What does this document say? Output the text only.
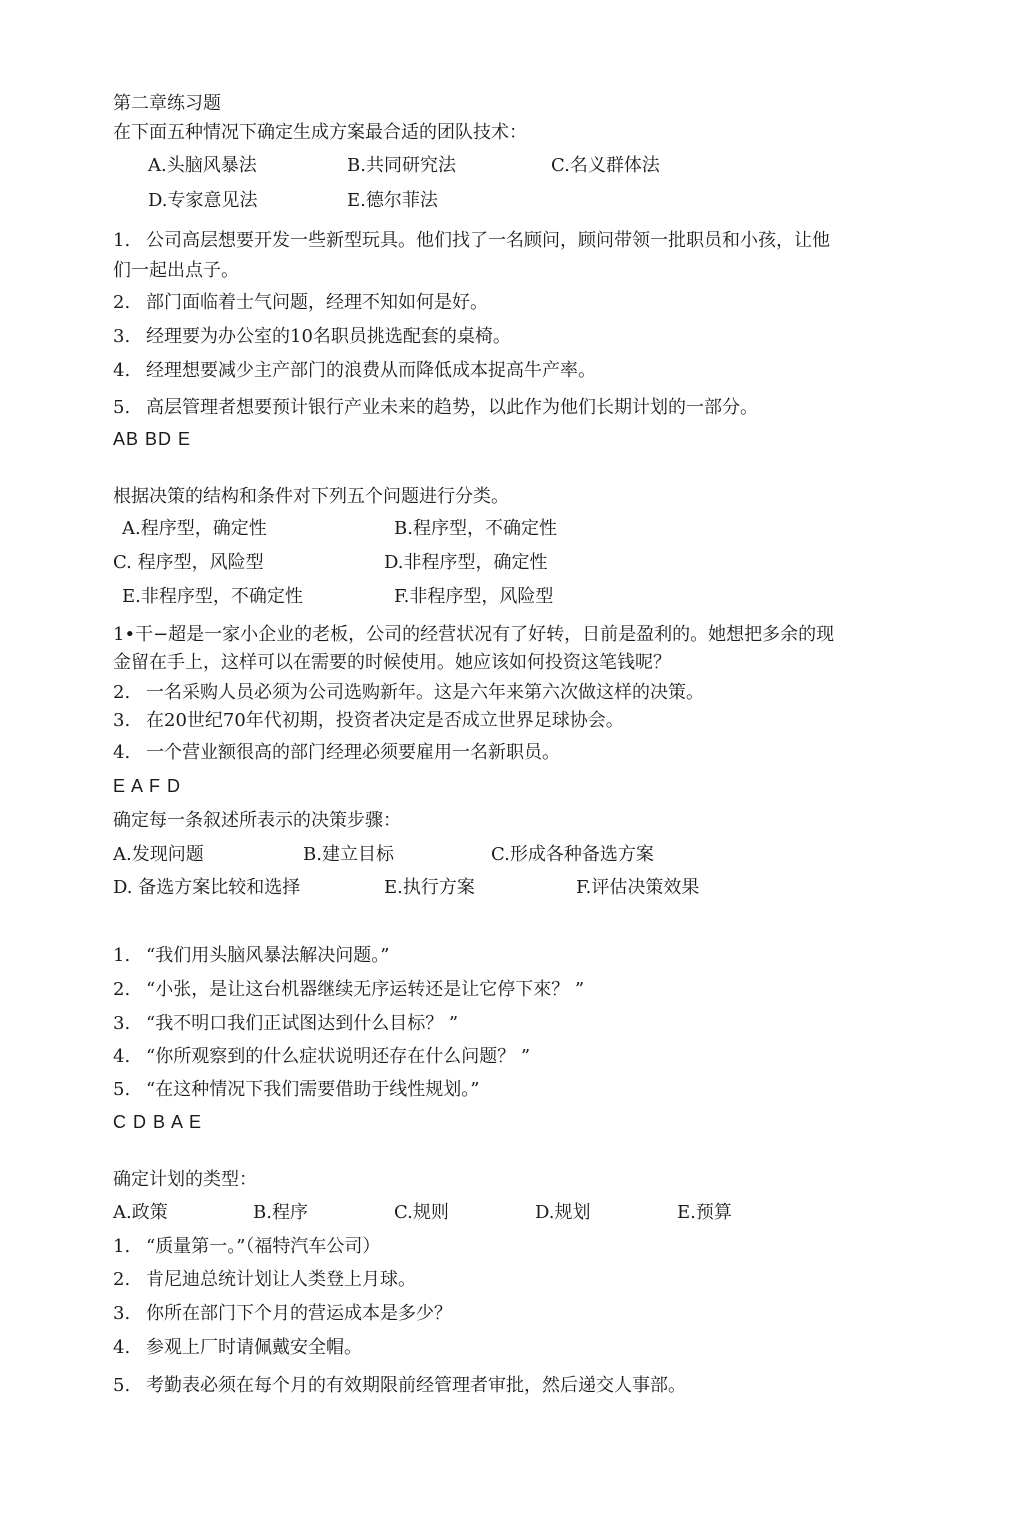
第二章练习题
在下面五种情况下确定生成方案最合适的团队技术：
A.头脑风暴法	B.共同研究法	C.名义群体法
D.专家意见法	E.德尔菲法
1. 公司高层想要开发一些新型玩具。他们找了一名顾问，顾问带领一批职员和小孩，让他
们一起出点子。
2. 部门面临着士气问题，经理不知如何是好。
3. 经理要为办公室的10名职员挑选配套的桌椅。
4. 经理想要减少主产部门的浪费从而降低成本捉高牛产率。
5. 高层管理者想要预计银行产业未来的趋势，以此作为他们长期计划的一部分。
AB BD E
根据决策的结构和条件对下列五个问题进行分类。
A.程序型，确定性	B.程序型，不确定性
C. 程序型，风险型	D.非程序型，确定性
E.非程序型，不确定性	F.非程序型，风险型
1•干−超是一家小企业的老板，公司的经营状况有了好转，日前是盈利的。她想把多余的现
金留在手上，这样可以在需要的时候使用。她应该如何投资这笔钱呢？
2. 一名采购人员必须为公司选购新年。这是六年来第六次做这样的决策。
3. 在20世纪70年代初期，投资者决定是否成立世界足球协会。
4. 一个营业额很高的部门经理必须要雇用一名新职员。
E A F D
确定每一条叙述所表示的决策步骤：
A.发现问题	B.建立目标	C.形成各种备选方案
D. 备选方案比较和选择	E.执行方案	F.评估决策效果
1. “我们用头脑风暴法解决问题。”
2. “小张，是让这台机器继续无序运转还是让它停下來？ ”
3. “我不明口我们正试图达到什么目标？ ”
4. “你所观察到的什么症状说明还存在什么问题？ ”
5. “在这种情况下我们需要借助于线性规划。”
C D B A E
确定计划的类型：
A.政策	B.程序	C.规则	D.规划	E.预算
1. “质量第一。”（福特汽车公司）
2. 肯尼迪总统计划让人类登上月球。
3. 你所在部门下个月的营运成本是多少？
4. 参观上厂时请佩戴安全帽。
5. 考勤表必须在每个月的有效期限前经管理者审批，然后递交人事部。
